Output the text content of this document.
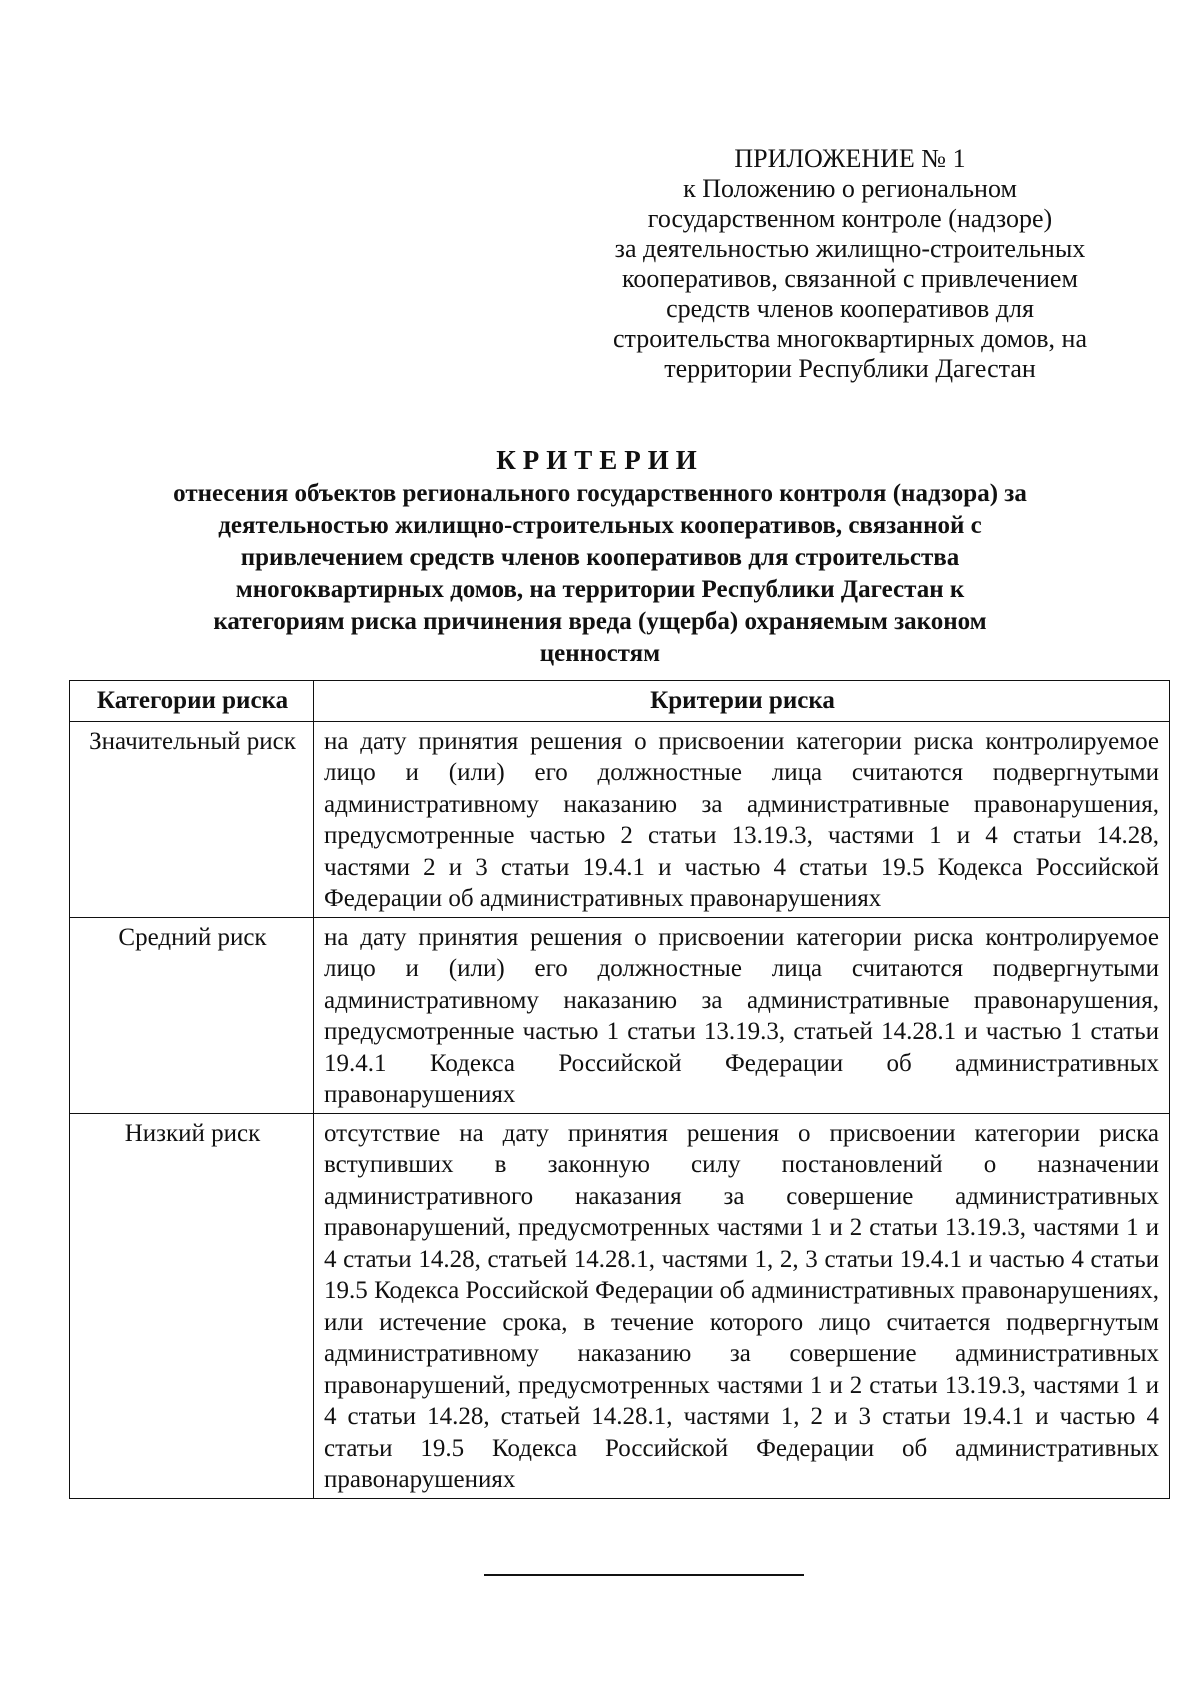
ПРИЛОЖЕНИЕ № 1
к Положению о региональном
государственном контроле (надзоре)
за деятельностью жилищно-строительных
кооперативов, связанной с привлечением
средств членов кооперативов для
строительства многоквартирных домов, на
территории Республики Дагестан
КРИТЕРИИ
отнесения объектов регионального государственного контроля (надзора) за
деятельностью жилищно-строительных кооперативов, связанной с
привлечением средств членов кооперативов для строительства
многоквартирных домов, на территории Республики Дагестан к
категориям риска причинения вреда (ущерба) охраняемым законом
ценностям
Категории риска	Критерии риска
Значительный риск	на дату принятия решения о присвоении категории риска контролируемое лицо и (или) его должностные лица считаются подвергнутыми административному наказанию за административные правонарушения, предусмотренные частью 2 статьи 13.19.3, частями 1 и 4 статьи 14.28, частями 2 и 3 статьи 19.4.1 и частью 4 статьи 19.5 Кодекса Российской Федерации об административных правонарушениях
Средний риск	на дату принятия решения о присвоении категории риска контролируемое лицо и (или) его должностные лица считаются подвергнутыми административному наказанию за административные правонарушения, предусмотренные частью 1 статьи 13.19.3, статьей 14.28.1 и частью 1 статьи 19.4.1 Кодекса Российской Федерации об административных правонарушениях
Низкий риск	отсутствие на дату принятия решения о присвоении категории риска вступивших в законную силу постановлений о назначении административного наказания за совершение административных правонарушений, предусмотренных частями 1 и 2 статьи 13.19.3, частями 1 и 4 статьи 14.28, статьей 14.28.1, частями 1, 2, 3 статьи 19.4.1 и частью 4 статьи 19.5 Кодекса Российской Федерации об административных правонарушениях, или истечение срока, в течение которого лицо считается подвергнутым административному наказанию за совершение административных правонарушений, предусмотренных частями 1 и 2 статьи 13.19.3, частями 1 и 4 статьи 14.28, статьей 14.28.1, частями 1, 2 и 3 статьи 19.4.1 и частью 4 статьи 19.5 Кодекса Российской Федерации об административных правонарушениях
